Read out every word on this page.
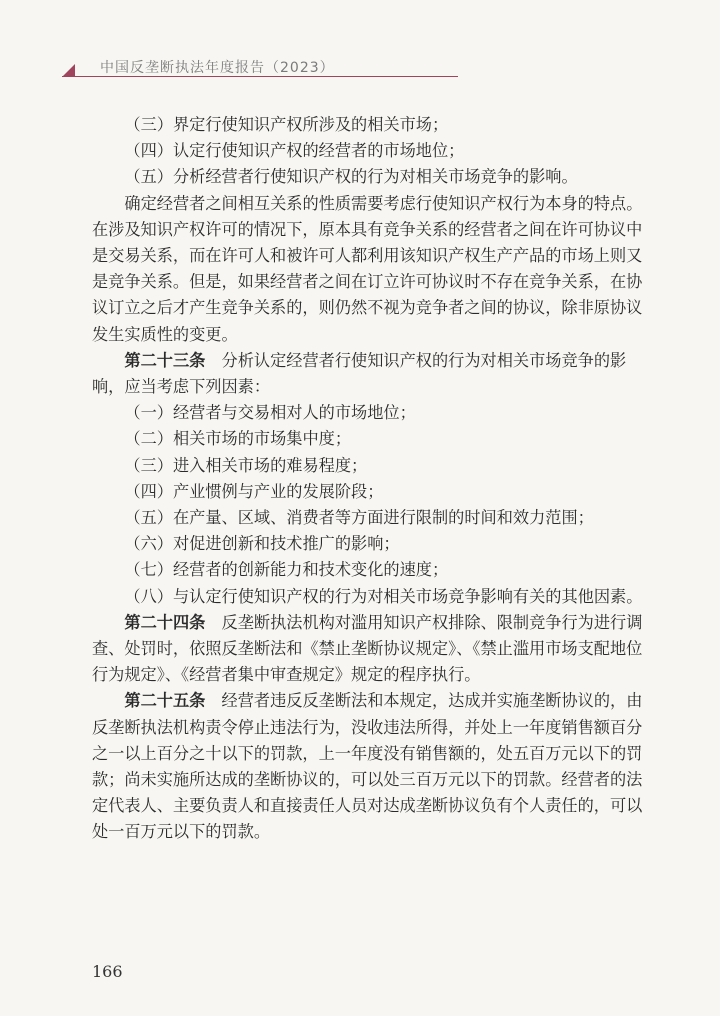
中国反垄断执法年度报告（2023）

（三）界定行使知识产权所涉及的相关市场；

（四）认定行使知识产权的经营者的市场地位；

（五）分析经营者行使知识产权的行为对相关市场竞争的影响。

确定经营者之间相互关系的性质需要考虑行使知识产权行为本身的特点。在涉及知识产权许可的情况下，原本具有竞争关系的经营者之间在许可协议中是交易关系，而在许可人和被许可人都利用该知识产权生产产品的市场上则又是竞争关系。但是，如果经营者之间在订立许可协议时不存在竞争关系，在协议订立之后才产生竞争关系的，则仍然不视为竞争者之间的协议，除非原协议发生实质性的变更。

第二十三条 分析认定经营者行使知识产权的行为对相关市场竞争的影响，应当考虑下列因素：

（一）经营者与交易相对人的市场地位；

（二）相关市场的市场集中度；

（三）进入相关市场的难易程度；

（四）产业惯例与产业的发展阶段；

（五）在产量、区域、消费者等方面进行限制的时间和效力范围；

（六）对促进创新和技术推广的影响；

（七）经营者的创新能力和技术变化的速度；

（八）与认定行使知识产权的行为对相关市场竞争影响有关的其他因素。

第二十四条 反垄断执法机构对滥用知识产权排除、限制竞争行为进行调查、处罚时，依照反垄断法和《禁止垄断协议规定》、《禁止滥用市场支配地位行为规定》、《经营者集中审查规定》规定的程序执行。

第二十五条 经营者违反反垄断法和本规定，达成并实施垄断协议的，由反垄断执法机构责令停止违法行为，没收违法所得，并处上一年度销售额百分之一以上百分之十以下的罚款，上一年度没有销售额的，处五百万元以下的罚款；尚未实施所达成的垄断协议的，可以处三百万元以下的罚款。经营者的法定代表人、主要负责人和直接责任人员对达成垄断协议负有个人责任的，可以处一百万元以下的罚款。

166
